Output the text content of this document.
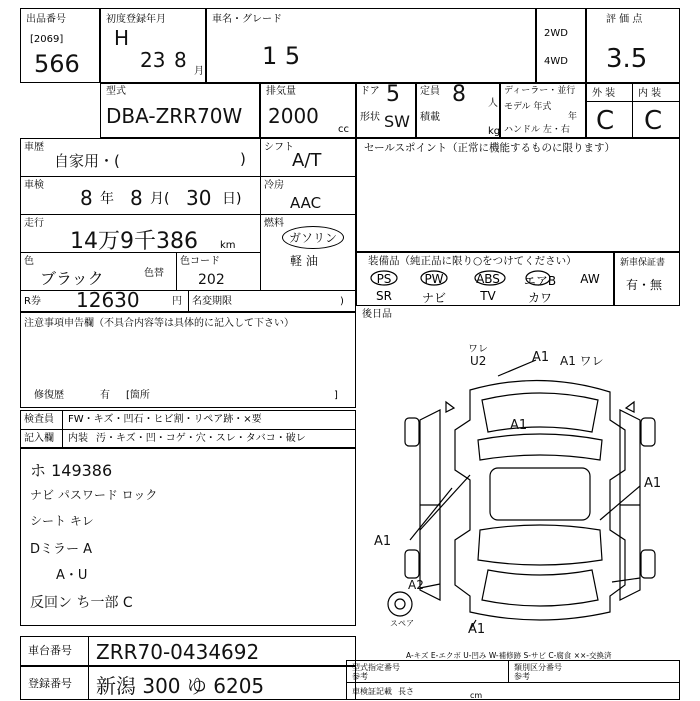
出品番号
[2069]
566
初度登録年月
H
23 8 月
車名・グレード
1 5
2WD
4WD
評 価 点
3.5
型式
DBA-ZRR70W
排気量
2000
cc
ドア 5
形状 SW
定員 8 人
積載
kg
ディーラー・並行
モデル 年式
年
ハンドル 左・右
外 装 内 装
C C
車歴
自家用・(	)
シフト
A/T
車検
8 年 8 月( 30 日)
冷房
AAC
走行
14万9千386 km
燃料
ガソリン
軽 油
色
ブラック	色替
色コード
202
R券 12630	円 名変期限	)
注意事項申告欄（不具合内容等は具体的に記入して下さい）
修復歴	有 [箇所	]
検査員
記入欄
FW・キズ・凹石・ヒビ割・リペア跡・×要
内装 汚・キズ・凹・コゲ・穴・スレ・タバコ・破レ
ホ 149386
ナビ パスワード ロック
シート キレ
Dミラー A
A・U
反回ン ち一部 C
車台番号 ZRR70-0434692
登録番号 新潟 300 ゆ 6205
セールスポイント（正常に機能するものに限ります）
装備品（純正品に限り○をつけてください）	新車保証書
有・無
PS	PW	ABS	エアB	AW
SR	ナビ	TV	カワ
後日品
ワレ
U2	A1 A1 ワレ
A1
A1
A1
A2
スペア	A1
A-キズ E-エクボ U-凹み W-補修跡 S-サビ C-腐食 ××-交換済
型式指定番号
参考
類別区分番号
参考
車検証記載 長さ	cm
